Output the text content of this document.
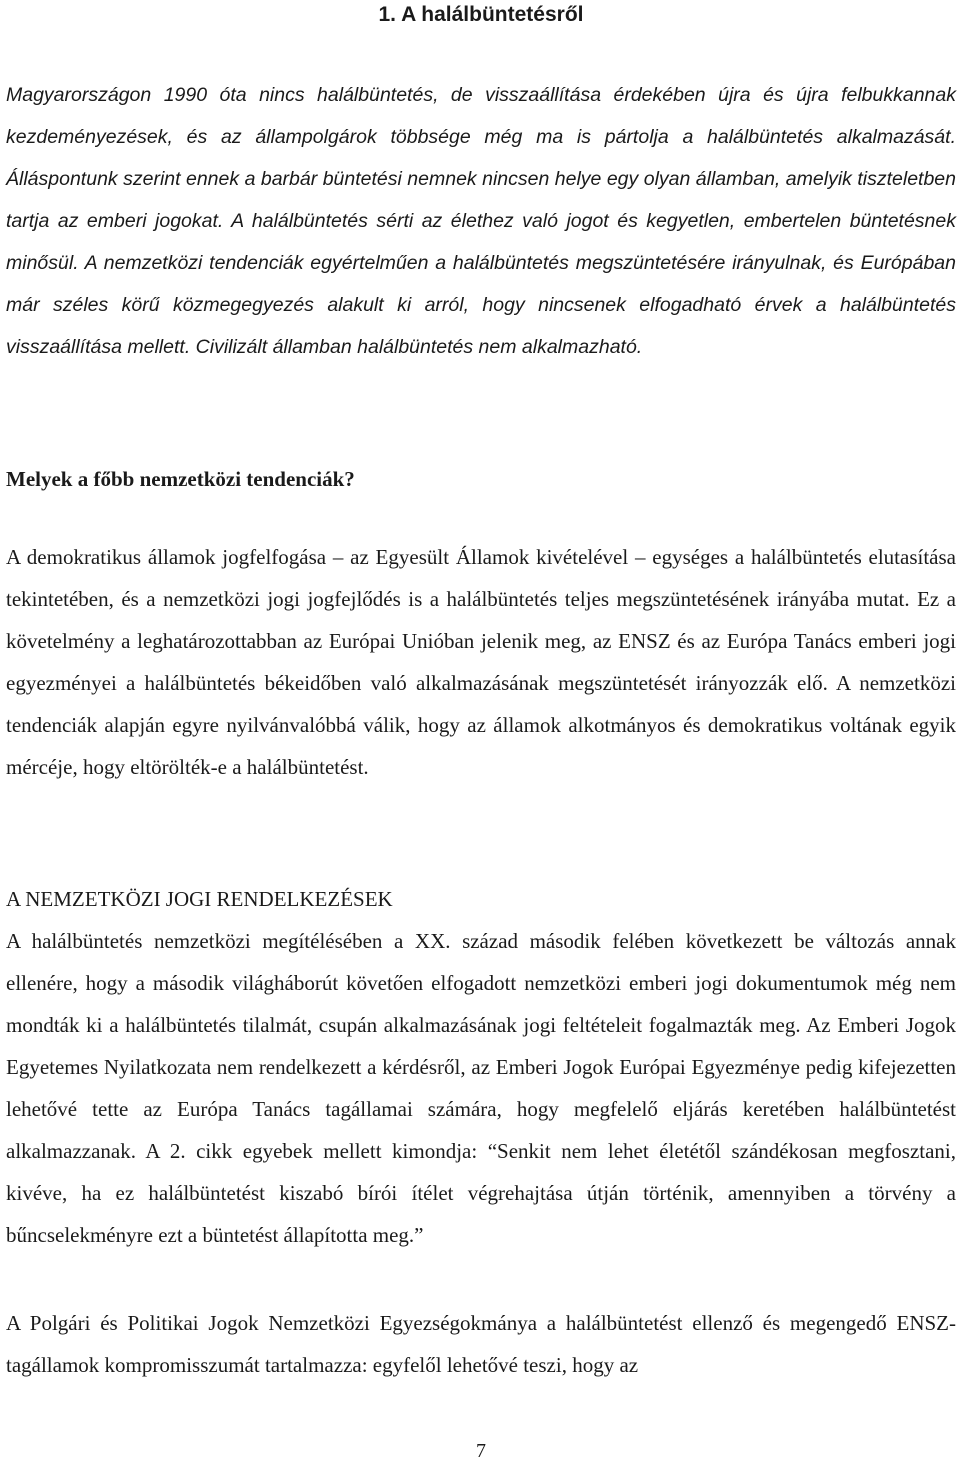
1. A halálbüntetésről

Magyarországon 1990 óta nincs halálbüntetés, de visszaállítása érdekében újra és újra felbukkannak kezdeményezések, és az állampolgárok többsége még ma is pártolja a halálbüntetés alkalmazását. Álláspontunk szerint ennek a barbár büntetési nemnek nincsen helye egy olyan államban, amelyik tiszteletben tartja az emberi jogokat. A halálbüntetés sérti az élethez való jogot és kegyetlen, embertelen büntetésnek minősül. A nemzetközi tendenciák egyértelműen a halálbüntetés megszüntetésére irányulnak, és Európában már széles körű közmegegyezés alakult ki arról, hogy nincsenek elfogadható érvek a halálbüntetés visszaállítása mellett. Civilizált államban halálbüntetés nem alkalmazható.

Melyek a főbb nemzetközi tendenciák?

A demokratikus államok jogfelfogása – az Egyesült Államok kivételével – egységes a halálbüntetés elutasítása tekintetében, és a nemzetközi jogi jogfejlődés is a halálbüntetés teljes megszüntetésének irányába mutat. Ez a követelmény a leghatározottabban az Európai Unióban jelenik meg, az ENSZ és az Európa Tanács emberi jogi egyezményei a halálbüntetés békeidőben való alkalmazásának megszüntetését irányozzák elő. A nemzetközi tendenciák alapján egyre nyilvánvalóbbá válik, hogy az államok alkotmányos és demokratikus voltának egyik mércéje, hogy eltörölték-e a halálbüntetést.

A NEMZETKÖZI JOGI RENDELKEZÉSEK

A halálbüntetés nemzetközi megítélésében a XX. század második felében következett be változás annak ellenére, hogy a második világháborút követően elfogadott nemzetközi emberi jogi dokumentumok még nem mondták ki a halálbüntetés tilalmát, csupán alkalmazásának jogi feltételeit fogalmazták meg. Az Emberi Jogok Egyetemes Nyilatkozata nem rendelkezett a kérdésről, az Emberi Jogok Európai Egyezménye pedig kifejezetten lehetővé tette az Európa Tanács tagállamai számára, hogy megfelelő eljárás keretében halálbüntetést alkalmazzanak. A 2. cikk egyebek mellett kimondja: “Senkit nem lehet életétől szándékosan megfosztani, kivéve, ha ez halálbüntetést kiszabó bírói ítélet végrehajtása útján történik, amennyiben a törvény a bűncselekményre ezt a büntetést állapította meg.”

A Polgári és Politikai Jogok Nemzetközi Egyezségokmánya a halálbüntetést ellenző és megengedő ENSZ-tagállamok kompromisszumát tartalmazza: egyfelől lehetővé teszi, hogy az

7
